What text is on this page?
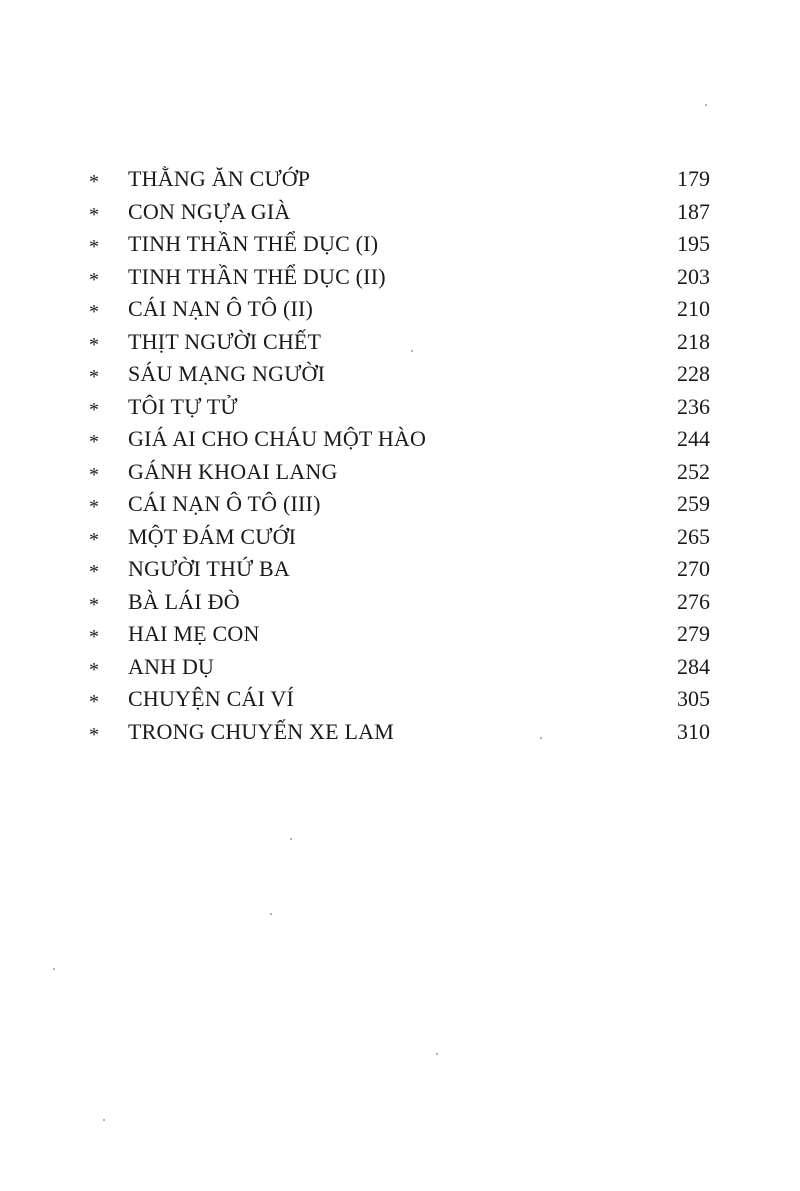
* THẰNG ĂN CƯỚP	179
* CON NGỰA GIÀ	187
* TINH THẦN THỂ DỤC (I)	195
* TINH THẦN THỂ DỤC (II)	203
* CÁI NẠN Ô TÔ (II)	210
* THỊT NGƯỜI CHẾT	218
* SÁU MẠNG NGƯỜI	228
* TÔI TỰ TỬ	236
* GIÁ AI CHO CHÁU MỘT HÀO	244
* GÁNH KHOAI LANG	252
* CÁI NẠN Ô TÔ (III)	259
* MỘT ĐÁM CƯỚI	265
* NGƯỜI THỨ BA	270
* BÀ LÁI ĐÒ	276
* HAI MẸ CON	279
* ANH DỤ	284
* CHUYỆN CÁI VÍ	305
* TRONG CHUYẾN XE LAM	310
